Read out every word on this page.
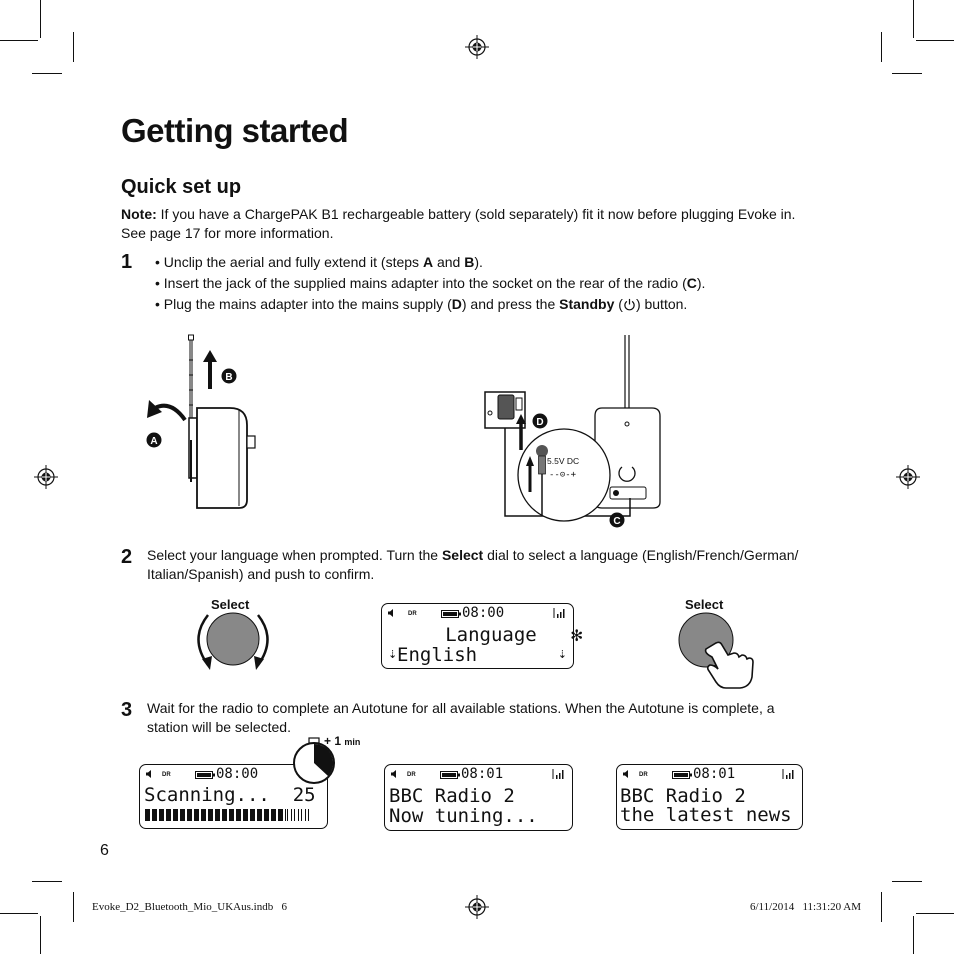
Getting started
Quick set up
Note: If you have a ChargePAK B1 rechargeable battery (sold separately) fit it now before plugging Evoke in.
See page 17 for more information.
1 • Unclip the aerial and fully extend it (steps A and B).
• Insert the jack of the supplied mains adapter into the socket on the rear of the radio (C).
• Plug the mains adapter into the mains supply (D) and press the Standby ( ) button.
B
A
D
5.5V DC
--⊝-+
C
2 Select your language when prompted. Turn the Select dial to select a language (English/French/German/
Italian/Spanish) and push to confirm.
Select
DR	08:00
Language   ✻
⇣ English	⇣
Select
3 Wait for the radio to complete an Autotune for all available stations. When the Autotune is complete, a
station will be selected.
DR	08:00
Scanning...  25
+ 1 min
DR	08:01
BBC Radio 2
Now tuning...
DR	08:01
BBC Radio 2
the latest news
6
Evoke_D2_Bluetooth_Mio_UKAus.indb   6	6/11/2014   11:31:20 AM
